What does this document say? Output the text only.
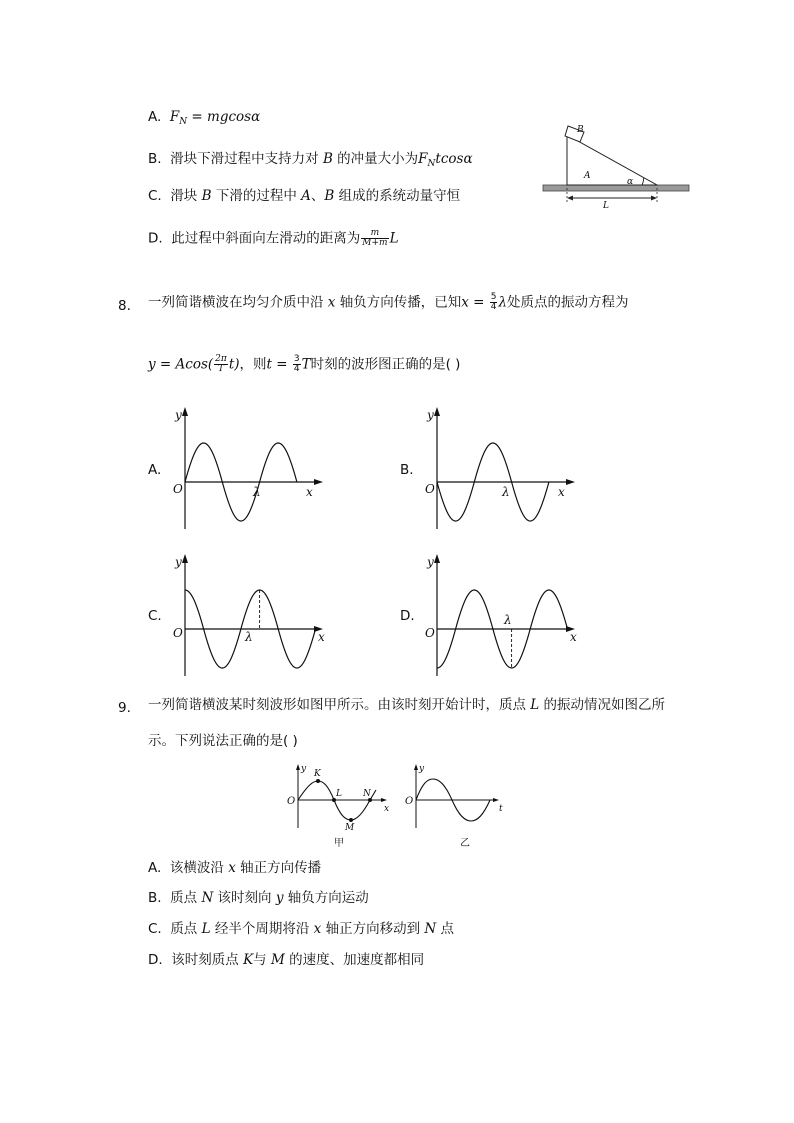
A. $F_N = mgcos\alpha$
B. 滑块下滑过程中支持力对 B 的冲量大小为$F_Ntcos\alpha$
C. 滑块 B 下滑的过程中 A、B 组成的系统动量守恒
D. 此过程中斜面向左滑动的距离为 $\frac{m}{M+m}$ L
B
A
α
L
8. 一列简谐横波在均匀介质中沿 x 轴负方向传播，已知$x = \frac{5}{4}$ λ处质点的振动方程为
$y = Acos( \frac{2\pi}{T} t)$，则$t = \frac{3}{4}$ T时刻的波形图正确的是( )
A.	B.
C.	D.
y
x
O	λ
y
x
O	λ
y
x
O	λ
y
x
O
λ
9. 一列简谐横波某时刻波形如图甲所示。由该时刻开始计时，质点 L 的振动情况如图乙所
示。下列说法正确的是( )
y
x
O
K
L N
M
甲
y
t
O
乙
A. 该横波沿 x 轴正方向传播
B. 质点 N 该时刻向 y 轴负方向运动
C. 质点 L 经半个周期将沿 x 轴正方向移动到 N 点
D. 该时刻质点 K与 M 的速度、加速度都相同
